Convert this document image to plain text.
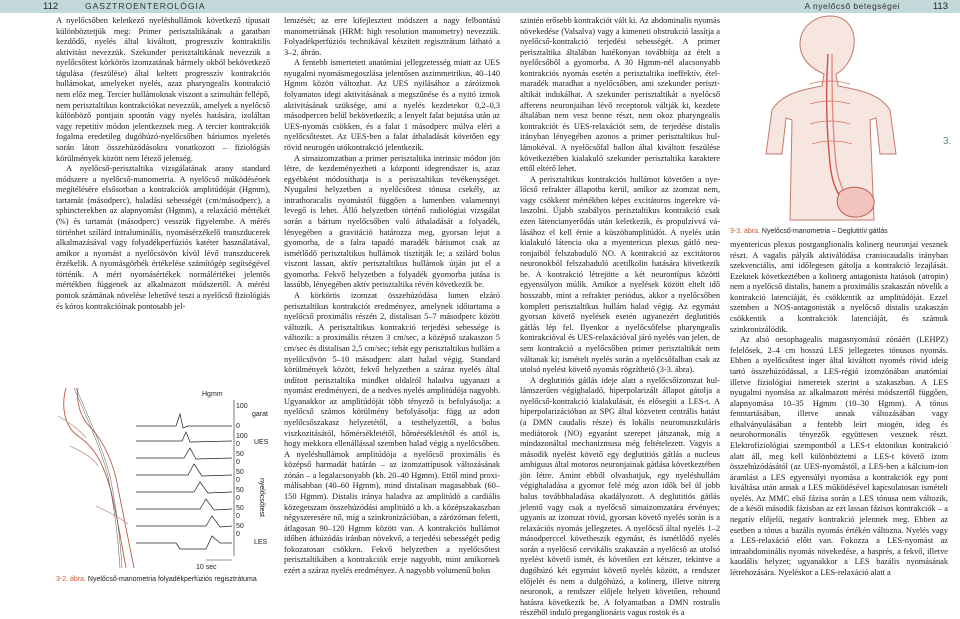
112	GASZTROENTEROLÓGIA	A nyelőcső betegségei	113
3.

A nyelőcsőben keletkező nyeléshullámok következő típusait különböztetjük meg: Primer perisztaltikának a garatban kezdődő, nyelés által kiváltott, progresszív kontraktilis aktivitást nevezzük. Szekunder perisztaltikának nevezzük a nyelőcsőtest körkörös izomzatának bármely okból bekövetkező tágulása (feszülése) által keltett progresszív kontrakciós hullámokat, amelyeket nyelés, azaz pharyngealis kontrakció nem előz meg. Tercier hullámoknak viszont a szimultán fellépő, nem perisztaltikus kontrakciókat nevezzük, amelyek a nyelőcső különböző pontjain spontán vagy nyelés hatására, izoláltan vagy repetitív módon jelentkeznek meg. A tercier kontrakciók fogalma eredetileg dugóhúzó-nyelőcsőben báriumos nyeletés során látott összehúzódásokra vonatkozott – fiziológiás körülmények között nem létező jelenség.

A nyelőcső-perisztaltika vizsgálatának arany standard módszere a nyelőcső-manometria. A nyelőcső működésének megítélésére elsősorban a kontrakciók amplitúdóját (Hgmm), tartamát (másodperc), haladási sebességét (cm/másodperc), a sphincterekben az alapnyomást (Hgmm), a relaxáció mértékét (%) és tartamát (másodperc) vesszük figyelembe. A mérés történhet szílárd intraluminális, nyomásérzékelő transzducerek alkalmazásával vagy folyadékperfúziós katéter használatával, amikor a nyomást a nyelőcsövön kívül lévő transzducerek érzékelik. A nyomásgörbék értékelése számítógép segítségével történik. A mért nyomásértékek normálértékei jelentős mértékben függenek az alkalmazott módszertől. A mérési pontok számának növelése lehetővé teszi a nyelőcső fiziológiás és kóros kontrakcióinak pontosabb jel-

lemzését; az erre kifejlesztett módszert a nagy felbontású manometriának (HRM: high resolution manometry) nevezzük. Folyadékperfúziós technikával készített regisztrátum látható a 3–2. ábrán.

A fentebb ismertetett anatómiai jellegzetesség miatt az UES nyugalmi nyomásmegoszlása jelentősen aszimmetrikus, 40–140 Hgmm között változhat. Az UES nyilásához a záróizmok folyamatos idegi aktivitásának a megszűnése és a nyitó izmok aktivitásának szüksége, ami a nyelés kezdetekor 0,2–0,3 másodpercen belül bekövetkezik; a lenyelt falat bejutása után az UES-nyomás csökken, és a falat 1 másodperc múlva eléri a nyelőcsőtestet. Az UES-ben a falat áthaladását követően egy rövid neurogén utókontrakció jelentkezik.

A simaizomzatban a primer perisztaltika intrinsic módon jön létre, de kezdeményezheti a központi idegrendszer is, azaz egyébként módosíthatja is a perisztaltikus tevékenységet. Nyugalmi helyzetben a nyelőcsőtest tónusa csekély, az intrathoracalis nyomástól függően a lumenben valamennyi levegő is lehet. Álló helyzetben történő radiológiai vizsgálat során a bárium nyelőcsőben való áthaladását a folyadék, lényegében a gravitáció határozza meg, gyorsan lejut a gyomorba, de a falra tapadó maradék báriumot csak az ismétlődő perisztaltikus hullámok tisztítják le; a szilárd bolus viszont lassan, aktív perisztaltikus hullámok útján jut el a gyomorba. Fekvő helyzetben a folyadék gyomorba jutása is lassúbb, lényegében aktív perisztaltika révén következik be.

A körkörös izomzat összehúzódása lumen elzáró perisztaltikus kontrakciót eredményez, amelynek időtartama a nyelőcső proximális részén 2, distalisan 5–7 másodperc között változik. A perisztaltikus kontrakció terjedési sebessége is változik: a proximális részen 3 cm/sec, a középső szakaszon 5 cm/sec és distalisan 2,5 cm/sec; tehát egy perisztaltikus hullám a nyelőcsővön 5–10 másodperc alatt halad végig. Standard körülmények között, fekvő helyzetben a száraz nyelés által indított perisztaltika mindket oldalról haladva ugyanazt a nyomást eredményezi, de a nedves nyelés amplitúdója nagyobb. Ugyanakkor az amplitúdóját több tényező is befolyásolja: a nyelőcső számos körülmény befolyásolja: függ az adott nyelőcsőszakasz helyzetétől, a testhelyzettől, a bolus viszkozitásától, hőmérsékletétől, hőmérsékletétől és attól is, hogy mekkora ellenállással szemben halad végig a nyelőcsőben. A nyeléshullámok amplitúdója a nyelőcső proximális és középső harmadát határán – az izomzattípusok változásának zónán – a legalacsonyabb (kb. 20–40 Hgmm). Ettől mind proximálisabban (40–60 Hgmm), mind distalisan magasabbak (60–150 Hgmm). Distalis iránya haladva az amplitúdó a cardiális közegetszam összehúzódási amplitúdó a kb. a középszakaszban négyszeresére nő, míg a szinkronizációban, a zárózóman feletti, átlagosan 90–120 Hgmm között van. A kontrakciós hullámot időben áthúzódás iránban növekvő, a terjedési sebességét pedig fokozatosan csökken. Fekvő helyzetben a nyelőcsőtest perisztaltikáben a kontrakciók ereje nagyobb, mint amikornek ezért a száraz nyelés eredményez. A nagyobb volumenű bolus

szintén erősebb kontrakciót vált ki. Az abdominalis nyomás növekedése (Valsalva) vagy a kimeneti obstrukció lassítja a nyelőcső-kontrakció terjedési sebességét. A primer perisztaltika általában hatékonyan továbbítja az ételt a nyelőcsőből a gyomorba. A 30 Hgmm-nél alacsonyabb kontrakciós nyomás esetén a perisztaltika ineffektív, ételmaradék maradhat a nyelőcsőben, ami szekunder perisztaltikát indukálhat. A szekunder perisztaltikát a nyelőcső afferens neuronjaiban lévő receptorok váltják ki, kezdete általában nem vesz benne részt, nem okoz pharyngealis kontrakciót és UES-relaxációt sem, de terjedése distalis irányban lényegében azonos a primer perisztaltikus hullámokéval. A nyelőcsőfal ballon által kiváltott feszülése következtében kialakuló szekunder perisztaltika karaktere ettől eltérő lehet.

A perisztaltikus kontrakciós hullámot követően a nyelőcső refrakter állapotba kerül, amikor az izomzat nem, vagy csökkent mértékben képes excitátoros ingerekre válaszolni. Újabb szabályos perisztaltikus kontrakció csak ezen látencianyerődás után keletkezik, és propulzívvá válásához el kell érnie a küszöbamplitúdót. A nyelés után kialakuló látencia oka a myentericus plexus gátló neuronjaiból felszabaduló NO. A kontrakció az excitátoros neuronokból felszabaduló acetilkolin hatására következik be. A kontrakció létrejötte a két neurontípus közötti egyensúlyon múlik. Amikor a nyelések között eltelt idő hosszabb, mint a refrakter periódus, akkor a nyelőcsőben komplett perisztaltikus hullám halad végig. Az egymást gyorsan követő nyelések esetén ugyanezért deglutitiós gátlás lép fel. Ilyenkor a nyelőcsőfelse pharyngealis kontrakcióval és UES-relaxációval járó nyelés van jelen, de sem kontrakció a nyelőcsőben primer perisztaltikát nem váltanak ki; ismételt nyelés során a nyelőcsőfalban csak az utolsó nyelést követő nyomás rögzíthető (3-3. ábra).

A deglutitiós gátlás ideje alatt a nyelőcsőizomzat hullámszerűen végighaladó, hiperpolarizált állapot gátolja a nyelőcső-kontrakció kialakulását, és elősegíti a LES-t. A hiperpolarizációban az SPG által közvetett centrális hatást (a DMN caudalis része) és lokális neuromuszkuláris mediátorok (NO) egyaránt szerepet játszanak, míg a mindazonáltal mechanizmusa még feltételezett. Vagyis a második nyelést követő egy deglutitiós gátlás a nucleus ambiguus által motoros neuronjainak gátlása következtében jön létre. Amint ebből olvashatjuk, egy nyeléshullám végighaladása a gyomor felé még azon idők bel ül jobb balus továbbhaladása akadályozott. A deglutitiós gátlás jelentő vagy csak a nyelőcső simaizomzatára érvényes; ugyanis az izomzat rövid, gyorsan követő nyelés során is a relaxációs nyomás jellegzetes. A nyelőcső által nyelés 1–2 másodperccel követheszik egymást, és ismétlődő nyelés során a nyelőcső cervikális szakaszán a nyelőcső az utolsó nyelést követő ismét, és követően ezt kétszer, tekintve a dugóhúzó két egymást követő nyelés között, a rendszer előjelét és nem a dulgóhúzó, a kolinerg, illetve nitrerg neuronok, a rendszer előjele helyett követően, rebound hatásra következik be. A folyamatban a DMN rostralis részéből induló preganglionáris vagus rostok és a

myentericus plexus postganglionalis kolinerg neuronjai vesznek részt. A vagalis pályák aktiválódása craniocaudalis irányban szekvenciális, ami időlegesen gátolja a kontrakció lezajlását. Ezeknek következtében a kolinerg antagonista hatások (atropin) nem a nyelőcső distalis, hanem a proximális szakaszán növelik a kontrakció latenciáját, és csökkentik az amplitúdóját. Ezzel szemben a NOS-antagonisták a nyelőcső distalis szakaszán csökkentik a kontrakciók latenciáját, és számuk szinkronizálódik.

Az alsó oesophagealis magasnyomású zónáért (LEHPZ) felelősek, 2–4 cm hosszú LES jellegzetes tónusos nyomás. Ebben a nyelőcsőtest inger által kiváltott nyomés rövid ideig tartó összehúzódással, a LES-régió izomzónában anatómiai illetve fiziológiai ismeretek szerint a szakaszban. A LES nyugalmi nyomása az alkalmazott mérési módszertől függően, alapnyomása 10–35 Hgmm (10–30 Hgmm). A tónus fenntartásában, illetve annak változásában vagy elhalványulásában a fentebb leírt miogén, ideg és neurohormonális tényezők együttesen vesznek részt. Elektrofiziológiai szempontból a LES-t ektonikus kontrakció alatt áll, meg kell különböztetni a LES-t követő izom összehúzódásától (az UES-nyomástól, a LES-ben a kálcium-ion áramlást a LES egyensúlyi nyomása a kontrakciók egy pont kiváltása után annak a LES működésével kapcsolatosan ismételt nyelés. Az MMC első fázisa során a LES tónusa nem változik, de a késői második fázisban az ezt lassan fázisos kontrakciók – a negatív előjelű, negatív kontrakció jelennek meg. Ebben az esetben a tónus a bazális nyomás értékén változna. Nyelés vagy a LES-relaxáció előtt van. Fokozza a LES-nyomást az intraabdominális nyomás növekedése, a hasprés, a fekvő, illetve kaudális helyzet; ugyanakkor a LES bazális nyomásának létrehozására. Nyeléskor a LES-relaxáció alatt a

Hgmm
100
0
100
0
50
0
50
0
50
0
50
0
50
0
garat
UES
nyelőcsőtest
LES
10 sec
3-2. ábra. Nyelőcső-manometria folyadékperfúziós regisztrátuma
3-3. ábra. Nyelőcső-manometria – Deglutitív gátlás
